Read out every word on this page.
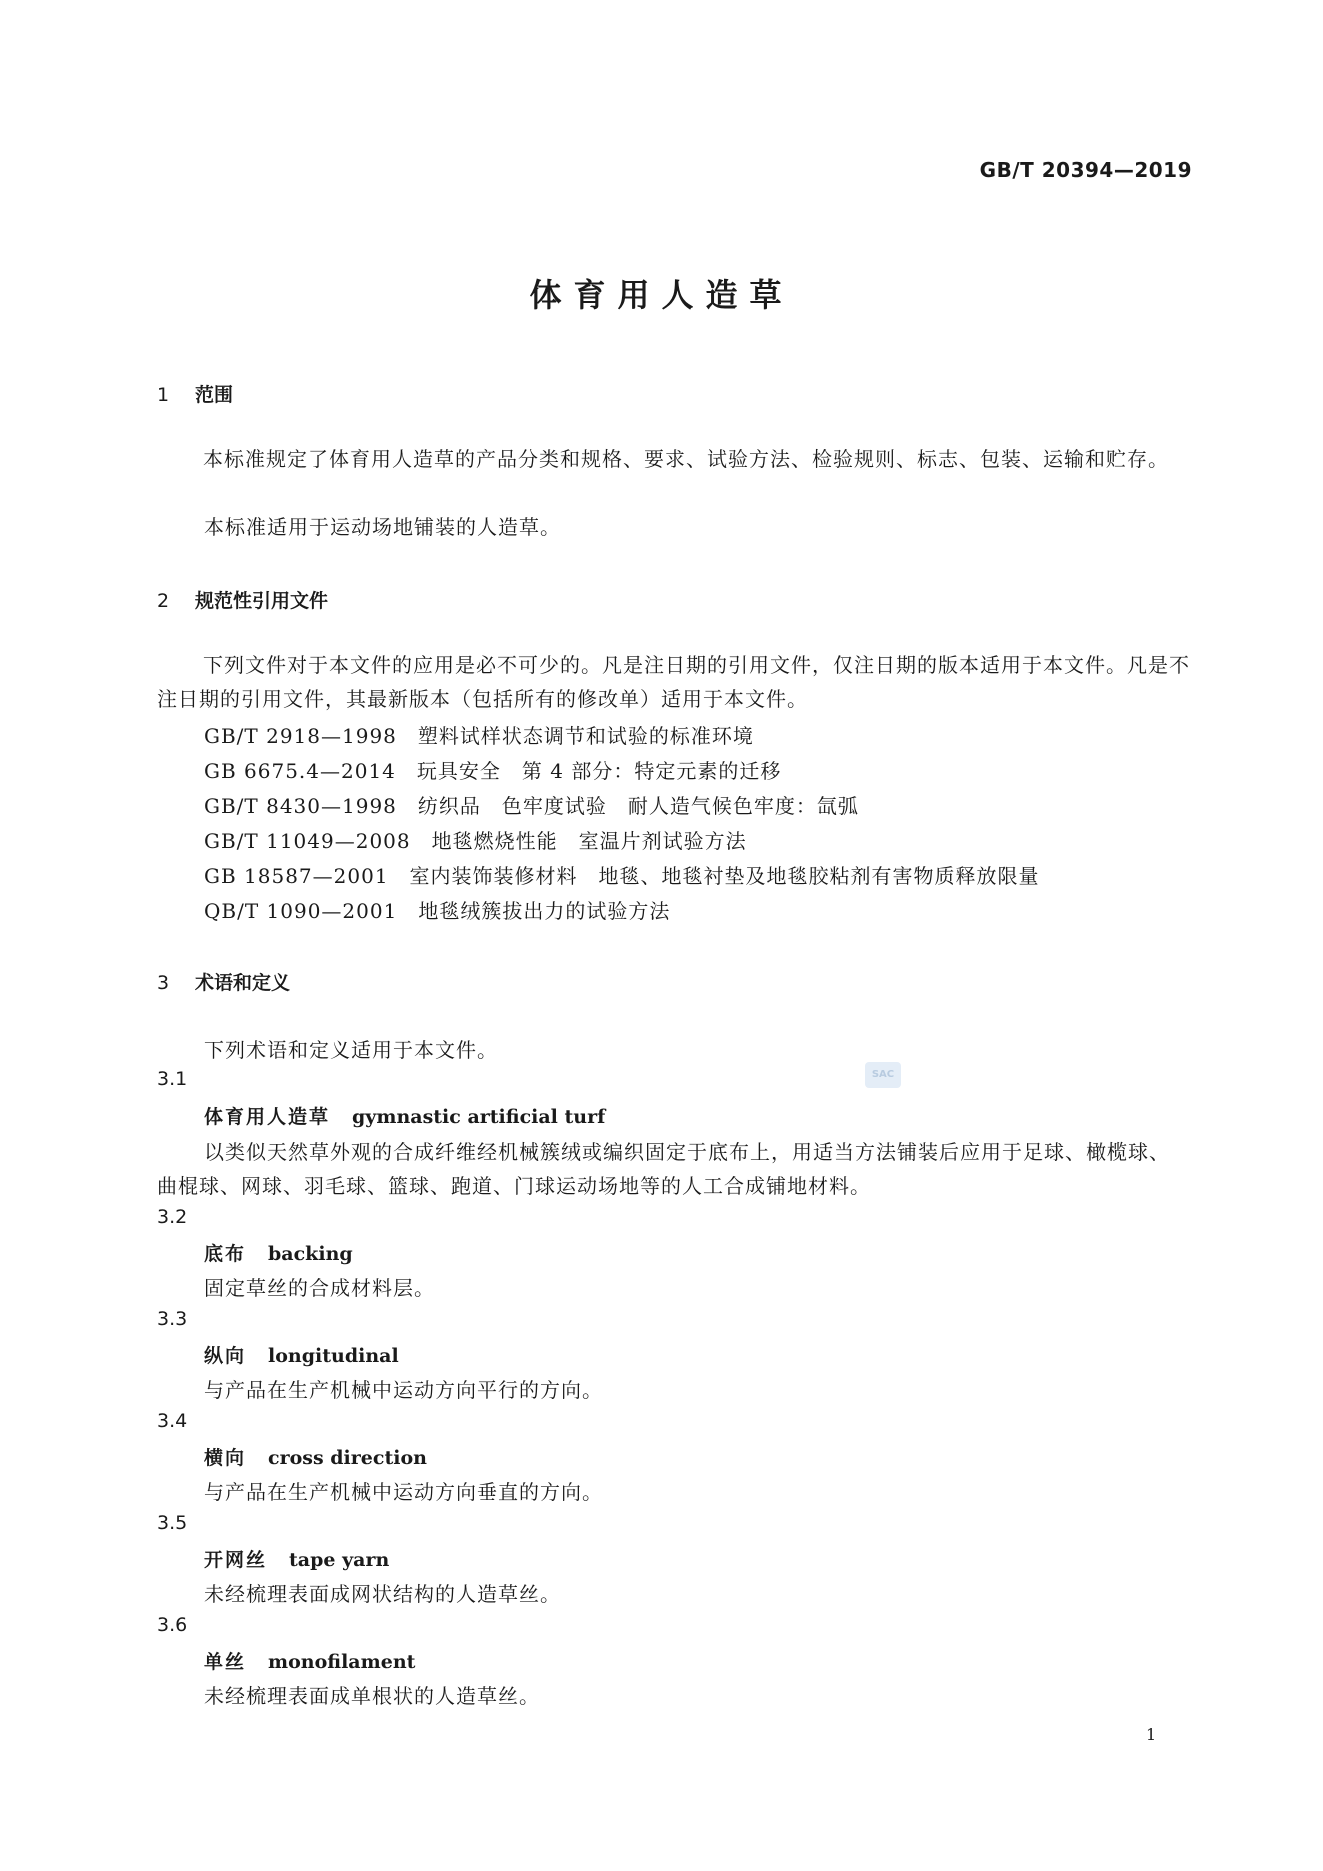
GB/T 20394—2019
体育用人造草
1 范围
本标准规定了体育用人造草的产品分类和规格、要求、试验方法、检验规则、标志、包装、运输和贮存。
本标准适用于运动场地铺装的人造草。
2 规范性引用文件
下列文件对于本文件的应用是必不可少的。凡是注日期的引用文件，仅注日期的版本适用于本文件。凡是不注日期的引用文件，其最新版本（包括所有的修改单）适用于本文件。
GB/T 2918—1998　塑料试样状态调节和试验的标准环境
GB 6675.4—2014　玩具安全　第 4 部分：特定元素的迁移
GB/T 8430—1998　纺织品　色牢度试验　耐人造气候色牢度：氙弧
GB/T 11049—2008　地毯燃烧性能　室温片剂试验方法
GB 18587—2001　室内装饰装修材料　地毯、地毯衬垫及地毯胶粘剂有害物质释放限量
QB/T 1090—2001　地毯绒簇拔出力的试验方法
3 术语和定义
下列术语和定义适用于本文件。
SAC
3.1
体育用人造草 gymnastic artificial turf
以类似天然草外观的合成纤维经机械簇绒或编织固定于底布上，用适当方法铺装后应用于足球、橄榄球、曲棍球、网球、羽毛球、篮球、跑道、门球运动场地等的人工合成铺地材料。
3.2
底布 backing
固定草丝的合成材料层。
3.3
纵向 longitudinal
与产品在生产机械中运动方向平行的方向。
3.4
横向 cross direction
与产品在生产机械中运动方向垂直的方向。
3.5
开网丝 tape yarn
未经梳理表面成网状结构的人造草丝。
3.6
单丝 monofilament
未经梳理表面成单根状的人造草丝。
1
